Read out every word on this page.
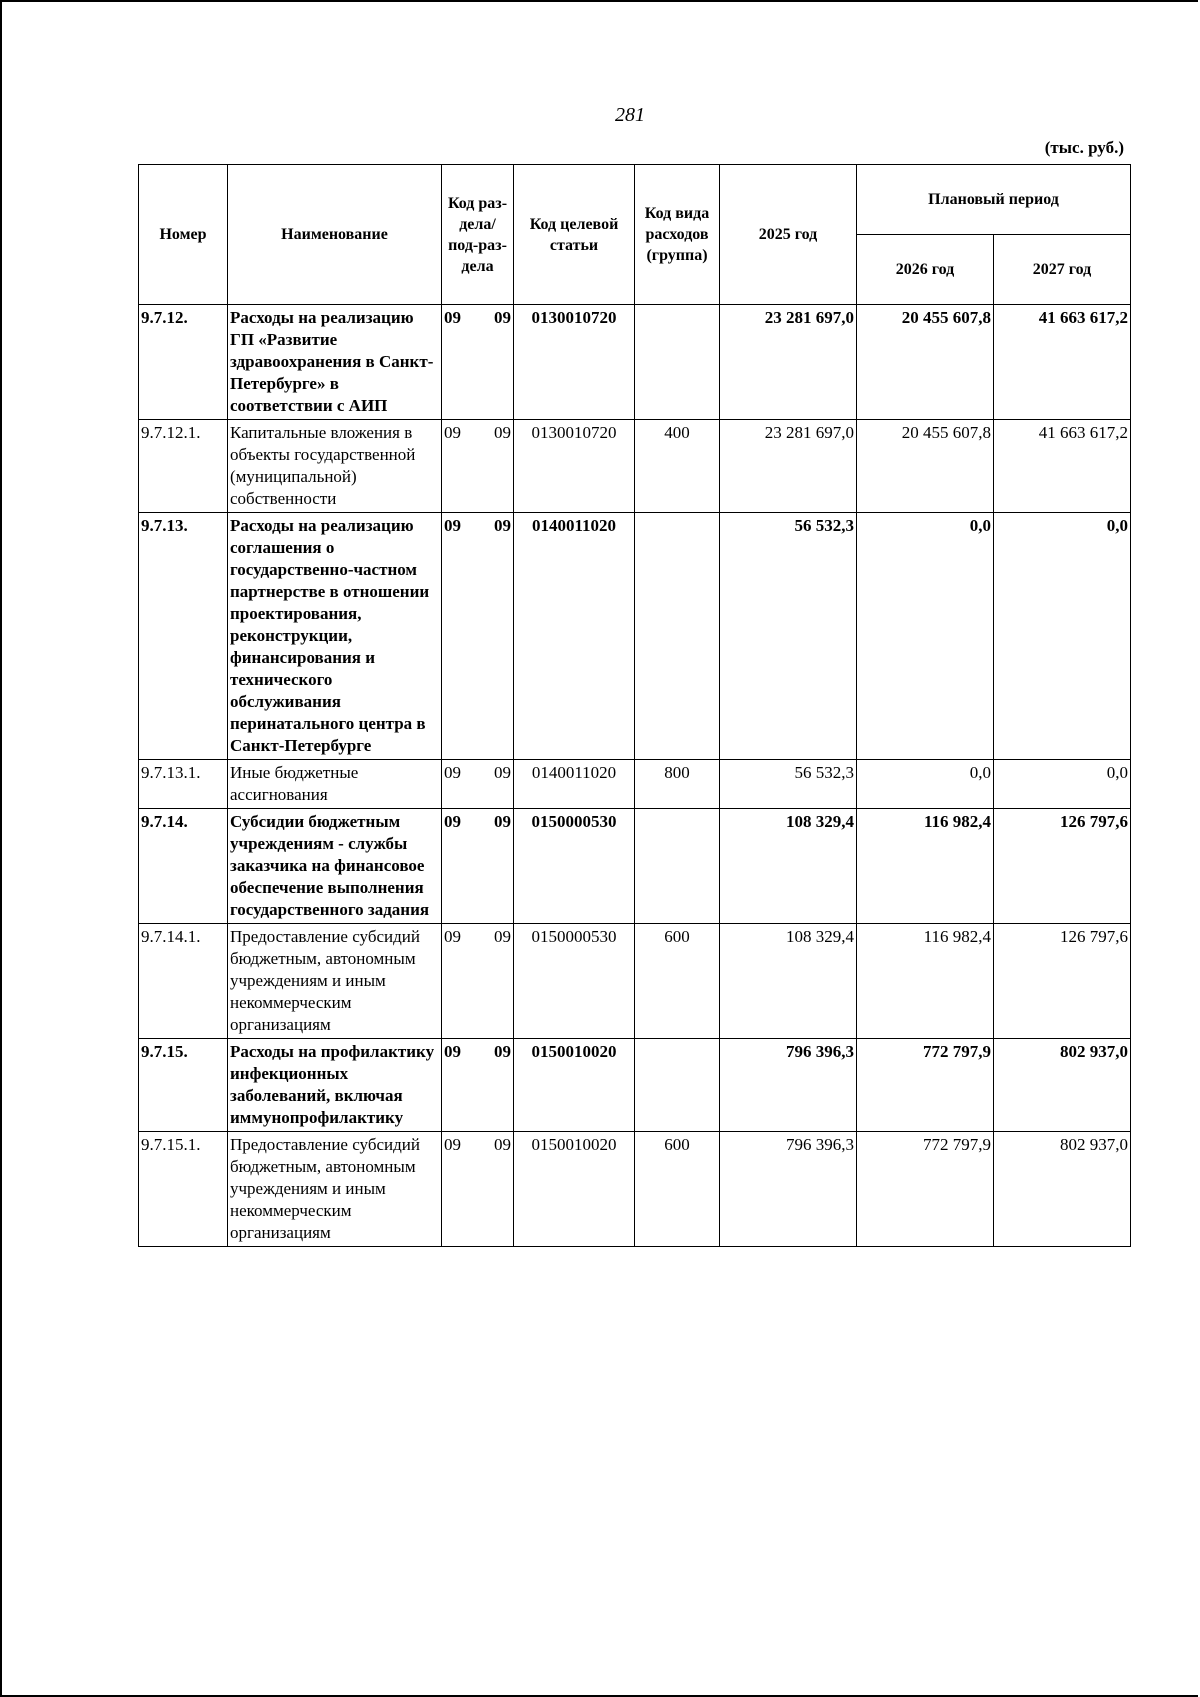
281
(тыс. руб.)
Номер	Наименование	Код раз-дела/ под-раз-дела	Код целевой статьи	Код вида расходов (группа)	2025 год	Плановый период	
						2026 год	2027 год
9.7.12.	Расходы на реализацию ГП «Развитие здравоохранения в Санкт-Петербурге» в соответствии с АИП	09 09	0130010720		23 281 697,0	20 455 607,8	41 663 617,2
9.7.12.1.	Капитальные вложения в объекты государственной (муниципальной) собственности	09 09	0130010720	400	23 281 697,0	20 455 607,8	41 663 617,2
9.7.13.	Расходы на реализацию соглашения о государственно-частном партнерстве в отношении проектирования, реконструкции, финансирования и технического обслуживания перинатального центра в Санкт-Петербурге	09 09	0140011020		56 532,3	0,0	0,0
9.7.13.1.	Иные бюджетные ассигнования	09 09	0140011020	800	56 532,3	0,0	0,0
9.7.14.	Субсидии бюджетным учреждениям - службы заказчика на финансовое обеспечение выполнения государственного задания	09 09	0150000530		108 329,4	116 982,4	126 797,6
9.7.14.1.	Предоставление субсидий бюджетным, автономным учреждениям и иным некоммерческим организациям	09 09	0150000530	600	108 329,4	116 982,4	126 797,6
9.7.15.	Расходы на профилактику инфекционных заболеваний, включая иммунопрофилактику	09 09	0150010020		796 396,3	772 797,9	802 937,0
9.7.15.1.	Предоставление субсидий бюджетным, автономным учреждениям и иным некоммерческим организациям	09 09	0150010020	600	796 396,3	772 797,9	802 937,0
